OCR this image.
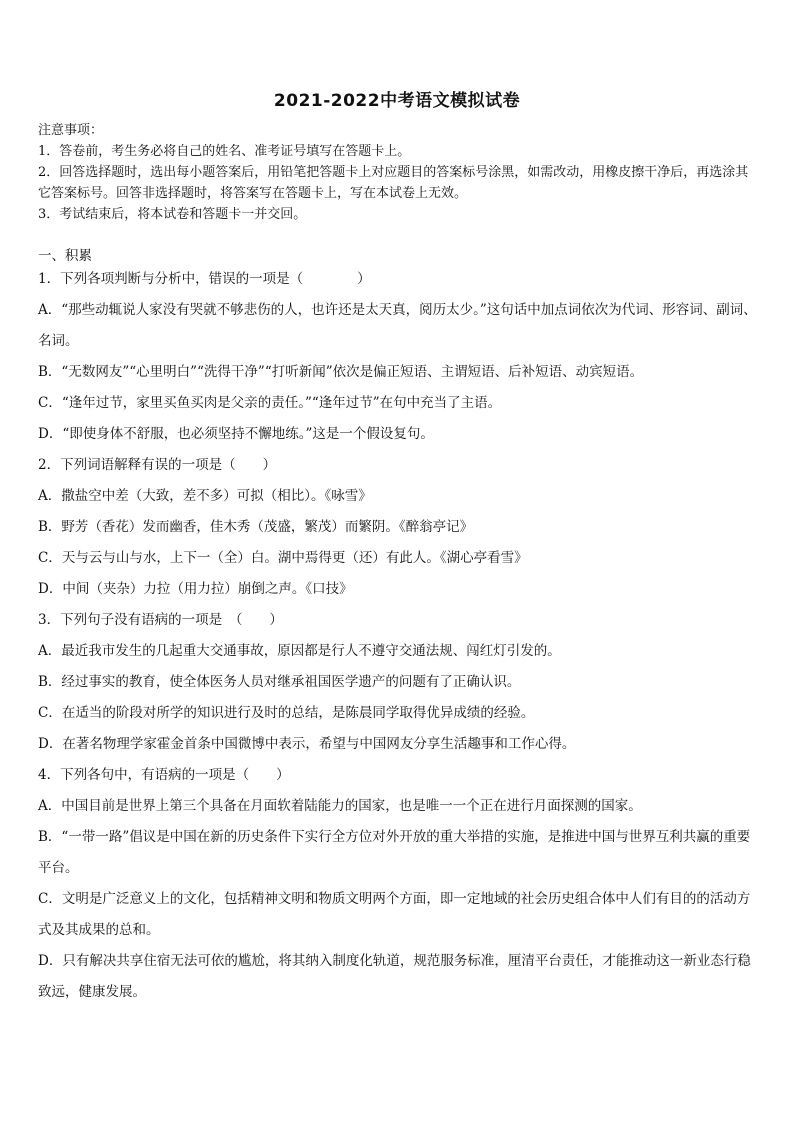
2021-2022中考语文模拟试卷

注意事项：

1．答卷前，考生务必将自己的姓名、准考证号填写在答题卡上。

2．回答选择题时，选出每小题答案后，用铅笔把答题卡上对应题目的答案标号涂黑，如需改动，用橡皮擦干净后，再选涂其它答案标号。回答非选择题时，将答案写在答题卡上，写在本试卷上无效。

3．考试结束后，将本试卷和答题卡一并交回。

一、积累

1．下列各项判断与分析中，错误的一项是（　　　　）

A．“那些动辄说人家没有哭就不够悲伤的人，也许还是太天真，阅历太少。”这句话中加点词依次为代词、形容词、副词、名词。

B．“无数网友”“心里明白”“洗得干净”“打听新闻”依次是偏正短语、主谓短语、后补短语、动宾短语。

C．“逢年过节，家里买鱼买肉是父亲的责任。”“逢年过节”在句中充当了主语。

D．“即使身体不舒服，也必须坚持不懈地练。”这是一个假设复句。

2．下列词语解释有误的一项是（　　）

A．撒盐空中差（大致，差不多）可拟（相比）。《咏雪》

B．野芳（香花）发而幽香，佳木秀（茂盛，繁茂）而繁阴。《醉翁亭记》

C．天与云与山与水，上下一（全）白。湖中焉得更（还）有此人。《湖心亭看雪》

D．中间（夹杂）力拉（用力拉）崩倒之声。《口技》

3．下列句子没有语病的一项是　（　　）

A．最近我市发生的几起重大交通事故，原因都是行人不遵守交通法规、闯红灯引发的。

B．经过事实的教育，使全体医务人员对继承祖国医学遗产的问题有了正确认识。

C．在适当的阶段对所学的知识进行及时的总结，是陈晨同学取得优异成绩的经验。

D．在著名物理学家霍金首条中国微博中表示，希望与中国网友分享生活趣事和工作心得。

4．下列各句中，有语病的一项是（　　）

A．中国目前是世界上第三个具备在月面软着陆能力的国家，也是唯一一个正在进行月面探测的国家。

B．“一带一路”倡议是中国在新的历史条件下实行全方位对外开放的重大举措的实施，是推进中国与世界互利共赢的重要平台。

C．文明是广泛意义上的文化，包括精神文明和物质文明两个方面，即一定地域的社会历史组合体中人们有目的的活动方式及其成果的总和。

D．只有解决共享住宿无法可依的尴尬，将其纳入制度化轨道，规范服务标准，厘清平台责任，才能推动这一新业态行稳致远，健康发展。
